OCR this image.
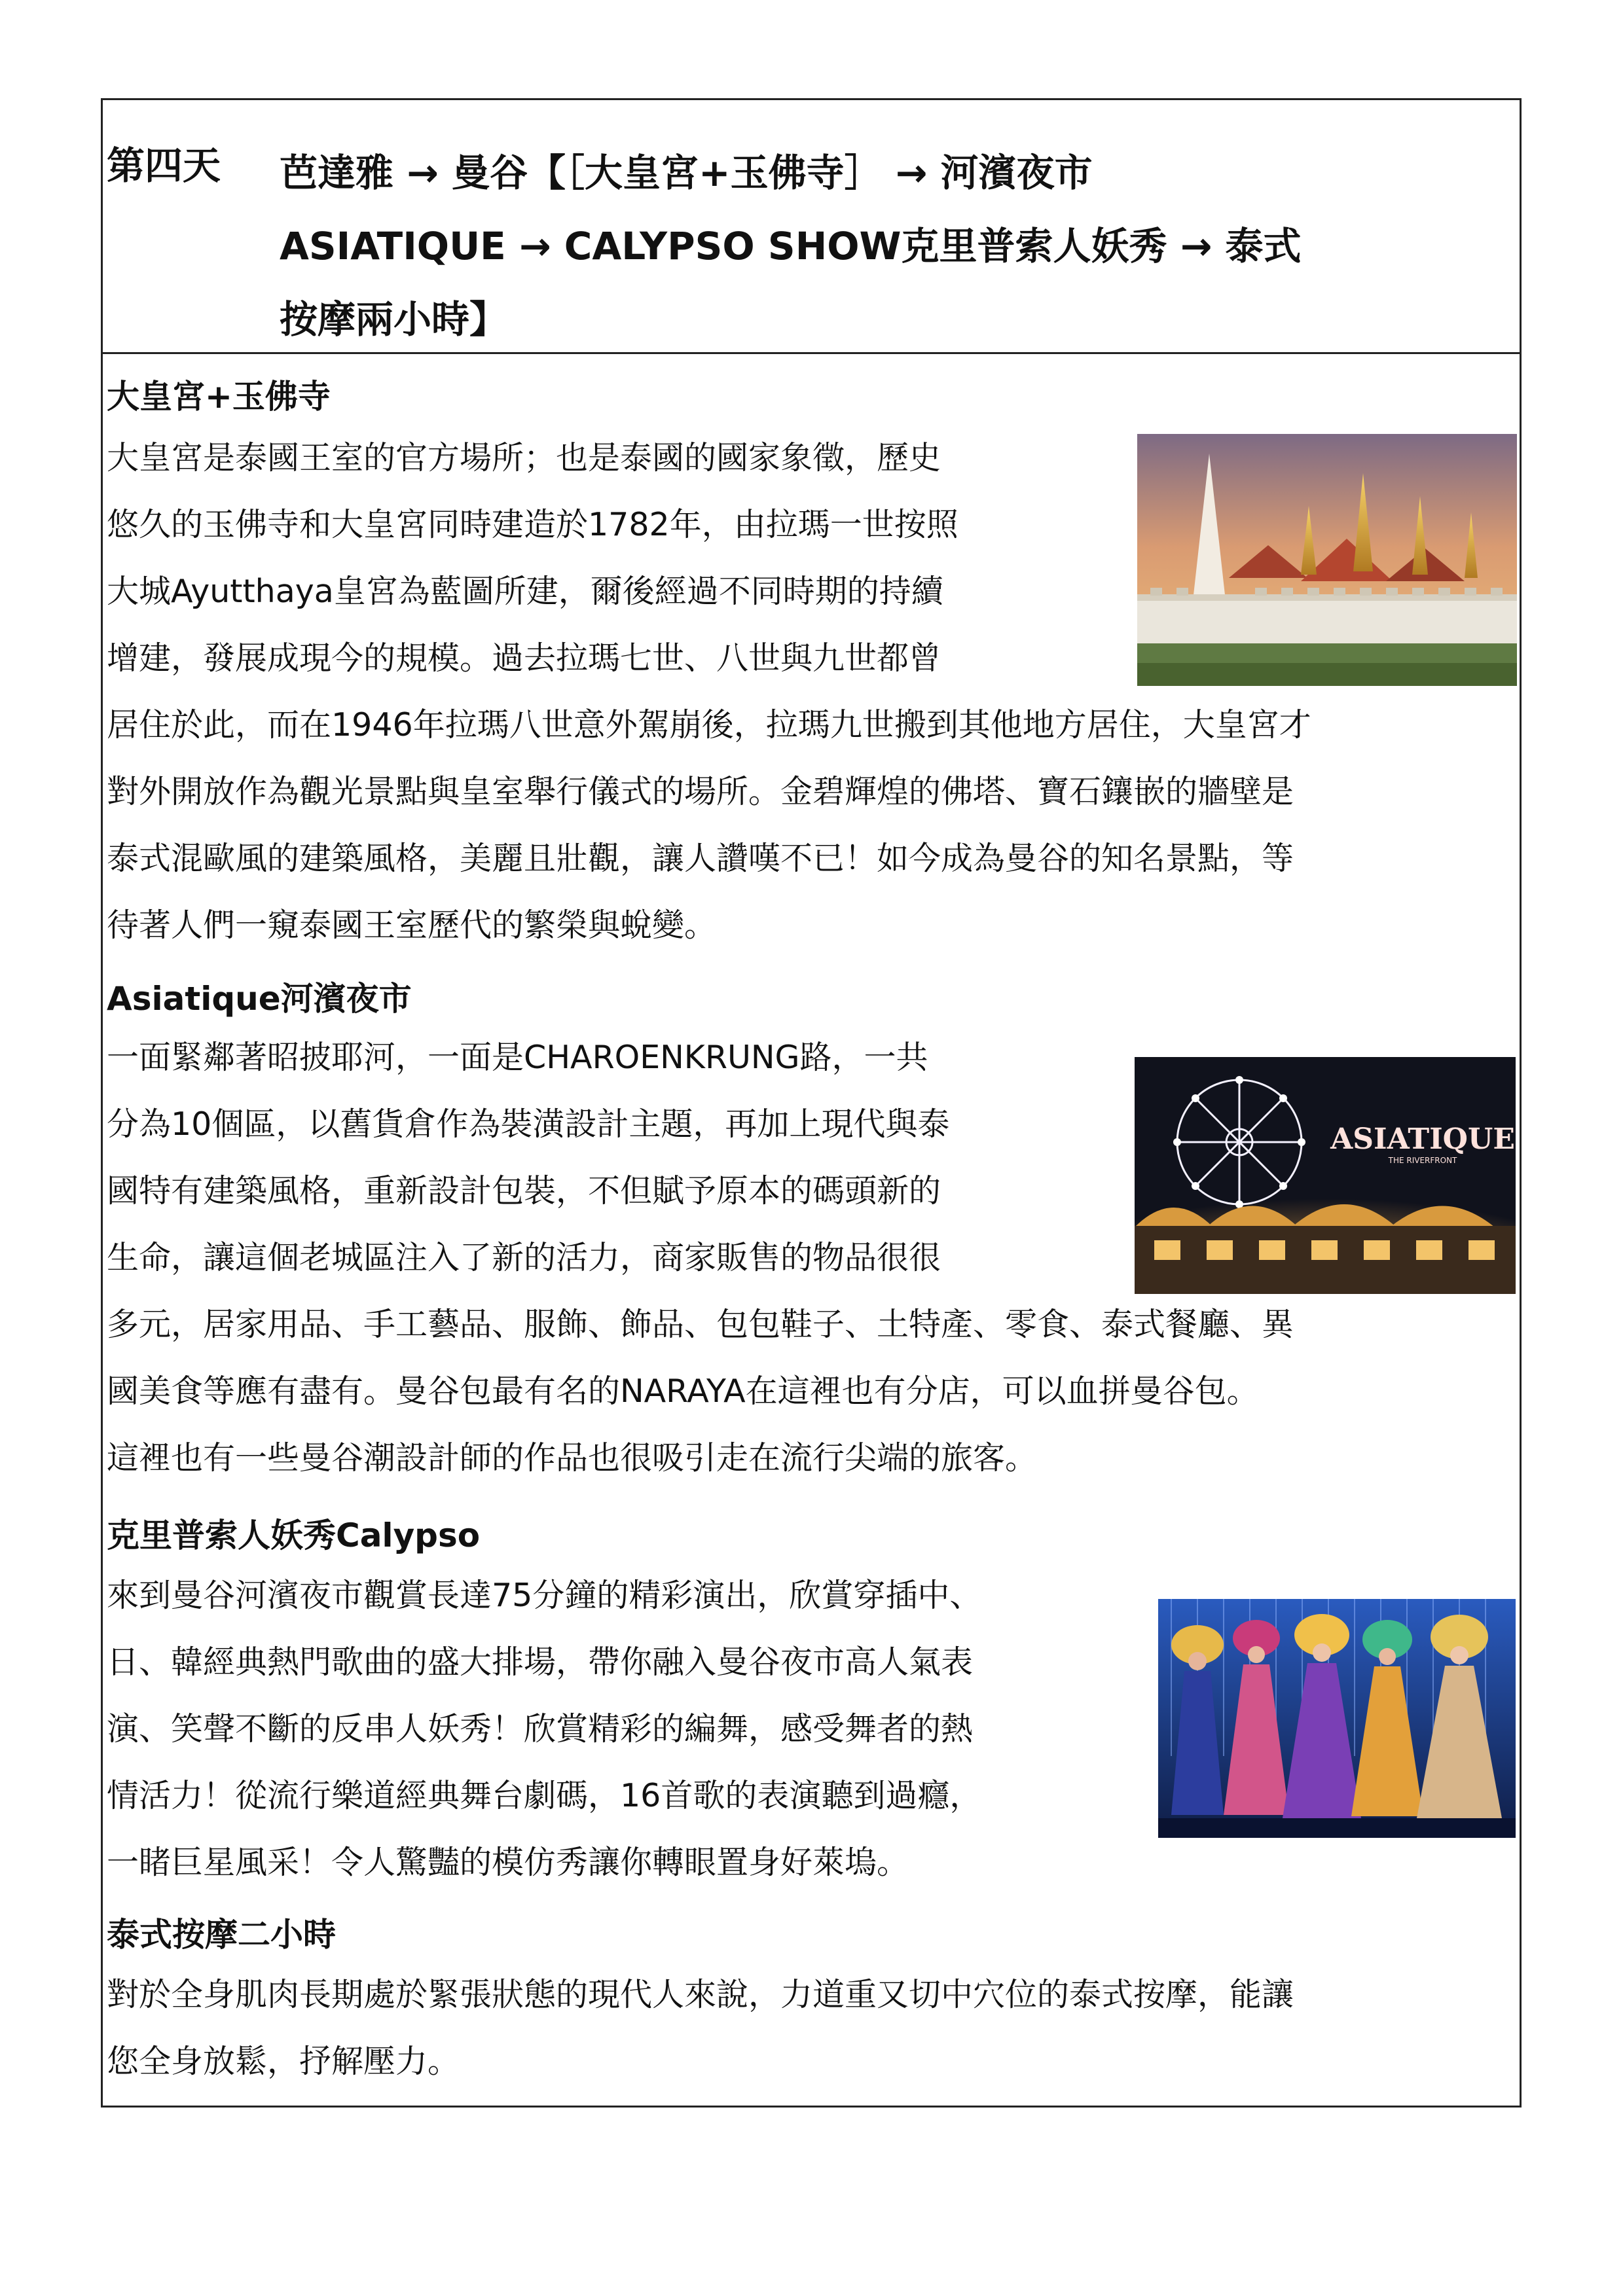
第四天 芭達雅 → 曼谷【［大皇宮+玉佛寺］ → 河濱夜市
ASIATIQUE → CALYPSO SHOW克里普索人妖秀 → 泰式
按摩兩小時】
大皇宮+玉佛寺
大皇宮是泰國王室的官方場所；也是泰國的國家象徵，歷史
悠久的玉佛寺和大皇宮同時建造於1782年，由拉瑪一世按照
大城Ayutthaya皇宮為藍圖所建，爾後經過不同時期的持續
增建，發展成現今的規模。過去拉瑪七世、八世與九世都曾
居住於此，而在1946年拉瑪八世意外駕崩後，拉瑪九世搬到其他地方居住，大皇宮才
對外開放作為觀光景點與皇室舉行儀式的場所。金碧輝煌的佛塔、寶石鑲嵌的牆壁是
泰式混歐風的建築風格，美麗且壯觀，讓人讚嘆不已！如今成為曼谷的知名景點，等
待著人們一窺泰國王室歷代的繁榮與蛻變。
Asiatique河濱夜市
一面緊鄰著昭披耶河，一面是CHAROENKRUNG路，一共
分為10個區，以舊貨倉作為裝潢設計主題，再加上現代與泰
國特有建築風格，重新設計包裝，不但賦予原本的碼頭新的
生命，讓這個老城區注入了新的活力，商家販售的物品很很
多元，居家用品、手工藝品、服飾、飾品、包包鞋子、土特產、零食、泰式餐廳、異
國美食等應有盡有。曼谷包最有名的NARAYA在這裡也有分店，可以血拼曼谷包。
這裡也有一些曼谷潮設計師的作品也很吸引走在流行尖端的旅客。
克里普索人妖秀Calypso
來到曼谷河濱夜市觀賞長達75分鐘的精彩演出，欣賞穿插中、
日、韓經典熱門歌曲的盛大排場，帶你融入曼谷夜市高人氣表
演、笑聲不斷的反串人妖秀！欣賞精彩的編舞，感受舞者的熱
情活力！從流行樂道經典舞台劇碼，16首歌的表演聽到過癮，
一睹巨星風采！令人驚豔的模仿秀讓你轉眼置身好萊塢。
泰式按摩二小時
對於全身肌肉長期處於緊張狀態的現代人來說，力道重又切中穴位的泰式按摩，能讓
您全身放鬆，抒解壓力。
ASIATIQUE
THE RIVERFRONT
